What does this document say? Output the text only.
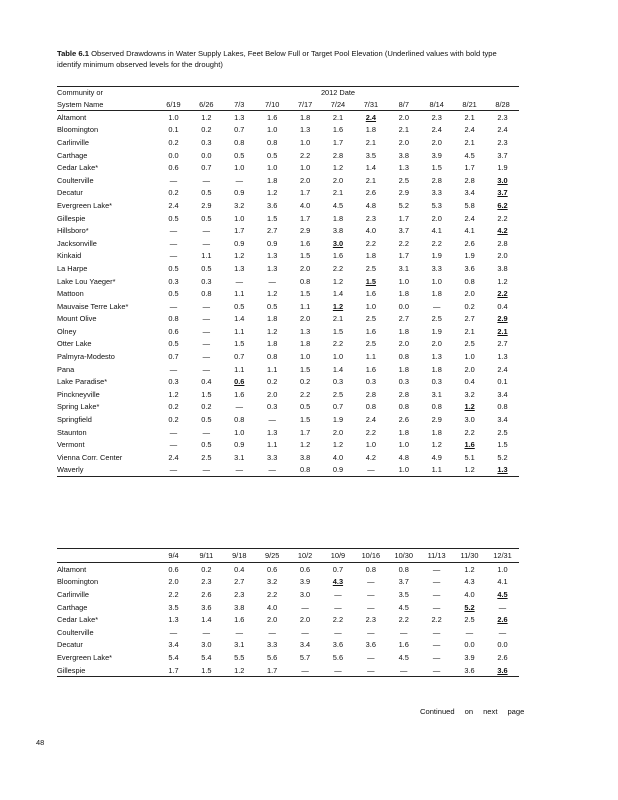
Table 6.1 Observed Drawdowns in Water Supply Lakes, Feet Below Full or Target Pool Elevation (Underlined values with bold type identify minimum observed levels for the drought)
Community or	2012 Date										
System Name	6/19	6/26	7/3	7/10	7/17	7/24	7/31	8/7	8/14	8/21	8/28
Altamont	1.0	1.2	1.3	1.6	1.8	2.1	2.4	2.0	2.3	2.1	2.3
Bloomington	0.1	0.2	0.7	1.0	1.3	1.6	1.8	2.1	2.4	2.4	2.4
Carlinville	0.2	0.3	0.8	0.8	1.0	1.7	2.1	2.0	2.0	2.1	2.3
Carthage	0.0	0.0	0.5	0.5	2.2	2.8	3.5	3.8	3.9	4.5	3.7
Cedar Lake*	0.6	0.7	1.0	1.0	1.0	1.2	1.4	1.3	1.5	1.7	1.9
Coulterville	—	—	—	1.8	2.0	2.0	2.1	2.5	2.8	2.8	3.0
Decatur	0.2	0.5	0.9	1.2	1.7	2.1	2.6	2.9	3.3	3.4	3.7
Evergreen Lake*	2.4	2.9	3.2	3.6	4.0	4.5	4.8	5.2	5.3	5.8	6.2
Gillespie	0.5	0.5	1.0	1.5	1.7	1.8	2.3	1.7	2.0	2.4	2.2
Hillsboro*	—	—	1.7	2.7	2.9	3.8	4.0	3.7	4.1	4.1	4.2
Jacksonville	—	—	0.9	0.9	1.6	3.0	2.2	2.2	2.2	2.6	2.8
Kinkaid	—	1.1	1.2	1.3	1.5	1.6	1.8	1.7	1.9	1.9	2.0
La Harpe	0.5	0.5	1.3	1.3	2.0	2.2	2.5	3.1	3.3	3.6	3.8
Lake Lou Yaeger*	0.3	0.3	—	—	0.8	1.2	1.5	1.0	1.0	0.8	1.2
Mattoon	0.5	0.8	1.1	1.2	1.5	1.4	1.6	1.8	1.8	2.0	2.2
Mauvaise Terre Lake*	—	—	0.5	0.5	1.1	1.2	1.0	0.0	—	0.2	0.4
Mount Olive	0.8	—	1.4	1.8	2.0	2.1	2.5	2.7	2.5	2.7	2.9
Olney	0.6	—	1.1	1.2	1.3	1.5	1.6	1.8	1.9	2.1	2.1
Otter Lake	0.5	—	1.5	1.8	1.8	2.2	2.5	2.0	2.0	2.5	2.7
Palmyra-Modesto	0.7	—	0.7	0.8	1.0	1.0	1.1	0.8	1.3	1.0	1.3
Pana	—	—	1.1	1.1	1.5	1.4	1.6	1.8	1.8	2.0	2.4
Lake Paradise*	0.3	0.4	0.6	0.2	0.2	0.3	0.3	0.3	0.3	0.4	0.1
Pinckneyville	1.2	1.5	1.6	2.0	2.2	2.5	2.8	2.8	3.1	3.2	3.4
Spring Lake*	0.2	0.2	—	0.3	0.5	0.7	0.8	0.8	0.8	1.2	0.8
Springfield	0.2	0.5	0.8	—	1.5	1.9	2.4	2.6	2.9	3.0	3.4
Staunton	—	—	1.0	1.3	1.7	2.0	2.2	1.8	1.8	2.2	2.5
Vermont	—	0.5	0.9	1.1	1.2	1.2	1.0	1.0	1.2	1.6	1.5
Vienna Corr. Center	2.4	2.5	3.1	3.3	3.8	4.0	4.2	4.8	4.9	5.1	5.2
Waverly	—	—	—	—	0.8	0.9	—	1.0	1.1	1.2	1.3
	9/4	9/11	9/18	9/25	10/2	10/9	10/16	10/30	11/13	11/30	12/31
Altamont	0.6	0.2	0.4	0.6	0.6	0.7	0.8	0.8	—	1.2	1.0
Bloomington	2.0	2.3	2.7	3.2	3.9	4.3	—	3.7	—	4.3	4.1
Carlinville	2.2	2.6	2.3	2.2	3.0	—	—	3.5	—	4.0	4.5
Carthage	3.5	3.6	3.8	4.0	—	—	—	4.5	—	5.2	—
Cedar Lake*	1.3	1.4	1.6	2.0	2.0	2.2	2.3	2.2	2.2	2.5	2.6
Coulterville	—	—	—	—	—	—	—	—	—	—	—
Decatur	3.4	3.0	3.1	3.3	3.4	3.6	3.6	1.6	—	0.0	0.0
Evergreen Lake*	5.4	5.4	5.5	5.6	5.7	5.6	—	4.5	—	3.9	2.6
Gillespie	1.7	1.5	1.2	1.7	—	—	—	—	—	3.6	3.6
Continued on next page
48
